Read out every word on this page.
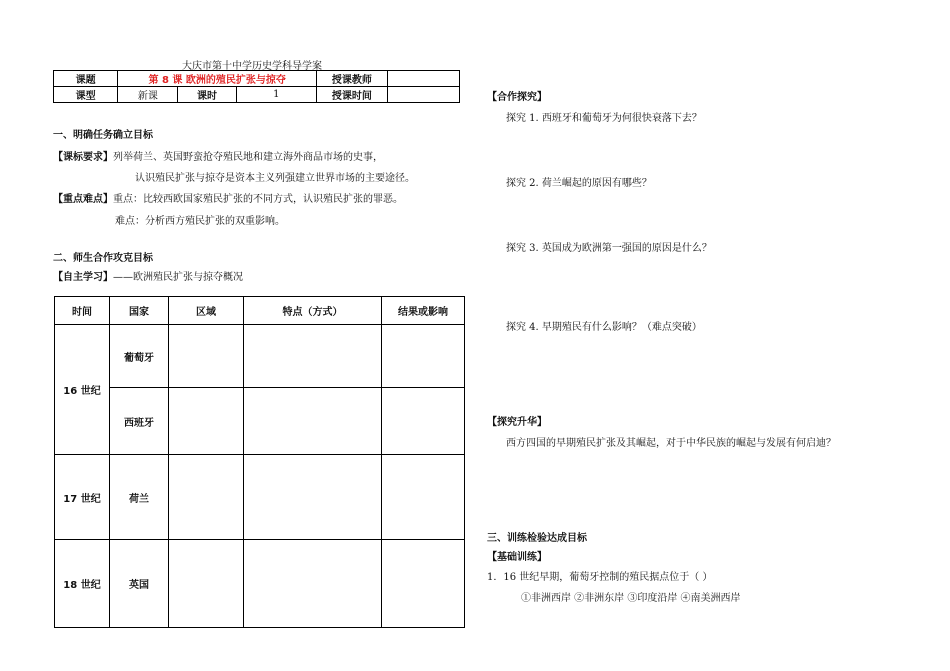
大庆市第十中学历史学科导学案
课题	第 8 课 欧洲的殖民扩张与掠夺			授课教师	
课型	新课	课时	1	授课时间	
一、明确任务确立目标
【课标要求】列举荷兰、英国野蛮抢夺殖民地和建立海外商品市场的史事，
认识殖民扩张与掠夺是资本主义列强建立世界市场的主要途径。
【重点难点】重点：比较西欧国家殖民扩张的不同方式，认识殖民扩张的罪恶。
难点：分析西方殖民扩张的双重影响。
二、师生合作攻克目标
【自主学习】——欧洲殖民扩张与掠夺概况
时间	国家	区域	特点（方式）	结果或影响
16 世纪	葡萄牙			
	西班牙			
17 世纪	荷兰			
18 世纪	英国			
【合作探究】
探究 1. 西班牙和葡萄牙为何很快衰落下去？
探究 2. 荷兰崛起的原因有哪些？
探究 3. 英国成为欧洲第一强国的原因是什么？
探究 4. 早期殖民有什么影响？（难点突破）
【探究升华】
西方四国的早期殖民扩张及其崛起，对于中华民族的崛起与发展有何启迪？
三、训练检验达成目标
【基础训练】
1．16 世纪早期，葡萄牙控制的殖民据点位于（ ）
①非洲西岸 ②非洲东岸 ③印度沿岸 ④南美洲西岸
